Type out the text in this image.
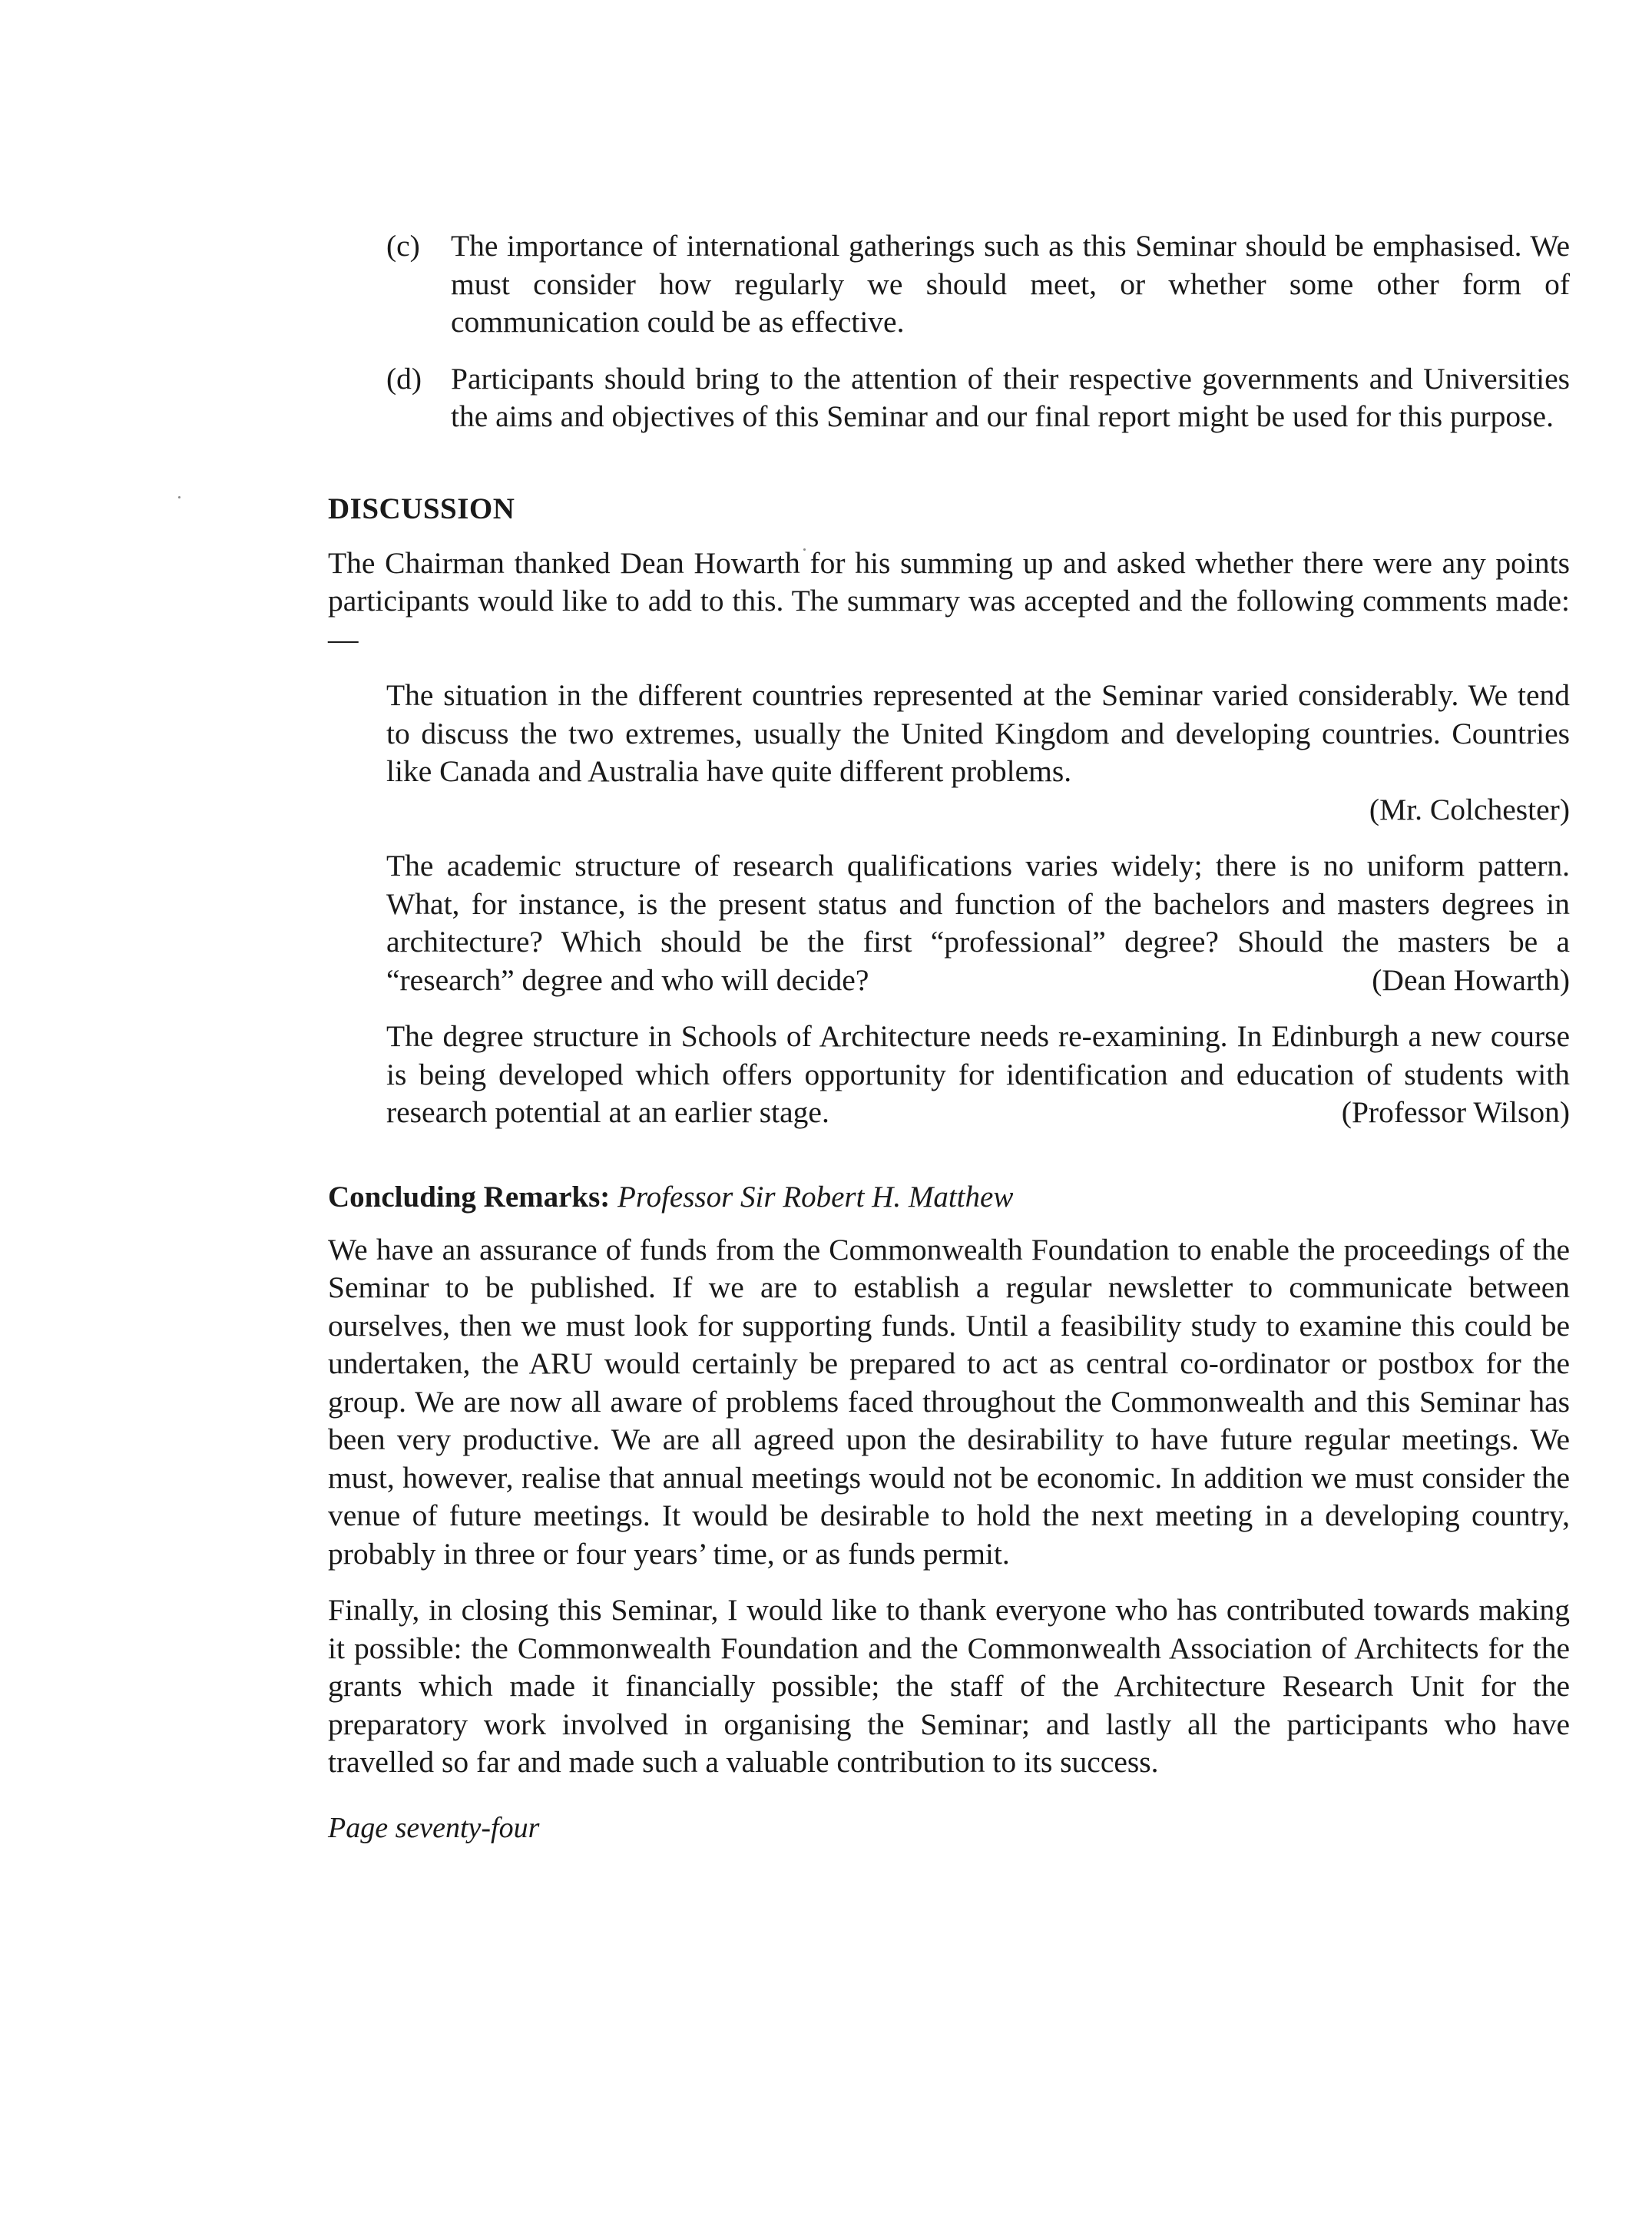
(c) The importance of international gatherings such as this Seminar should be emphasised. We must consider how regularly we should meet, or whether some other form of communication could be as effective.
(d) Participants should bring to the attention of their respective governments and Universities the aims and objectives of this Seminar and our final report might be used for this purpose.
DISCUSSION
The Chairman thanked Dean Howarth for his summing up and asked whether there were any points participants would like to add to this. The summary was accepted and the following comments made:—
The situation in the different countries represented at the Seminar varied considerably. We tend to discuss the two extremes, usually the United Kingdom and developing countries. Countries like Canada and Australia have quite different problems.
(Mr. Colchester)
The academic structure of research qualifications varies widely; there is no uniform pattern. What, for instance, is the present status and function of the bachelors and masters degrees in architecture? Which should be the first “professional” degree? Should the masters be a “research” degree and who will decide?	(Dean Howarth)
The degree structure in Schools of Architecture needs re-examining. In Edinburgh a new course is being developed which offers opportunity for identification and education of students with research potential at an earlier stage.	(Professor Wilson)
Concluding Remarks: Professor Sir Robert H. Matthew
We have an assurance of funds from the Commonwealth Foundation to enable the proceedings of the Seminar to be published. If we are to establish a regular newsletter to communicate between ourselves, then we must look for supporting funds. Until a feasibility study to examine this could be undertaken, the ARU would certainly be prepared to act as central co-ordinator or postbox for the group. We are now all aware of problems faced throughout the Commonwealth and this Seminar has been very productive. We are all agreed upon the desirability to have future regular meetings. We must, however, realise that annual meetings would not be economic. In addition we must consider the venue of future meetings. It would be desirable to hold the next meeting in a developing country, probably in three or four years’ time, or as funds permit.
Finally, in closing this Seminar, I would like to thank everyone who has contributed towards making it possible: the Commonwealth Foundation and the Commonwealth Association of Architects for the grants which made it financially possible; the staff of the Architecture Research Unit for the preparatory work involved in organising the Seminar; and lastly all the participants who have travelled so far and made such a valuable contribution to its success.
Page seventy-four
